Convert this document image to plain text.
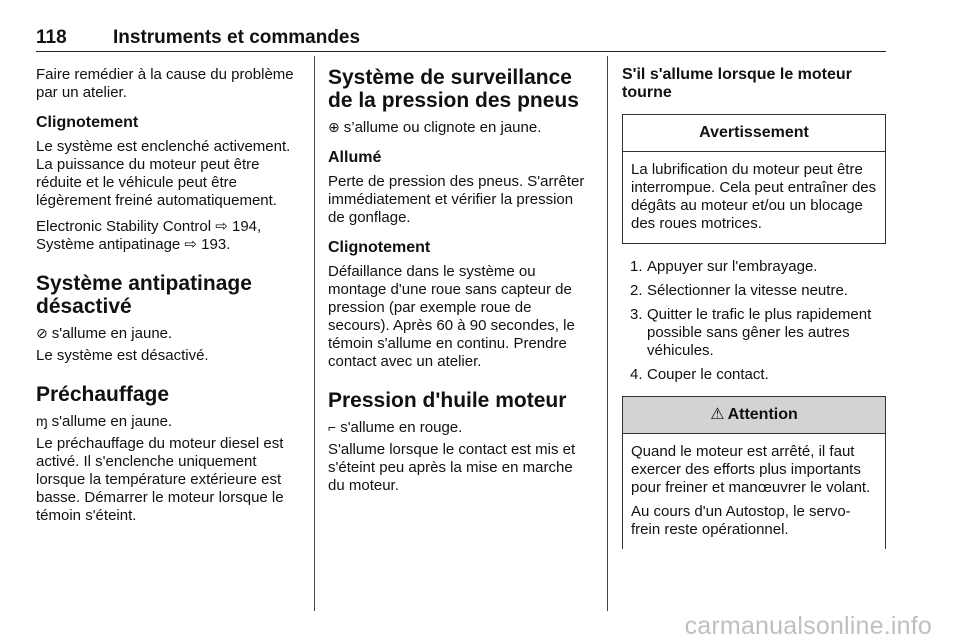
118 Instruments et commandes

Faire remédier à la cause du problème par un atelier.

Clignotement

Le système est enclenché activement. La puissance du moteur peut être réduite et le véhicule peut être légèrement freiné automatiquement.

Electronic Stability Control ⇨ 194, Système antipatinage ⇨ 193.

Système antipatinage désactivé

⊘ s'allume en jaune.

Le système est désactivé.

Préchauffage

ɱ s'allume en jaune.

Le préchauffage du moteur diesel est activé. Il s'enclenche uniquement lorsque la température extérieure est basse. Démarrer le moteur lorsque le témoin s'éteint.

Système de surveillance de la pression des pneus

⊕ s’allume ou clignote en jaune.

Allumé

Perte de pression des pneus. S'arrêter immédiatement et vérifier la pression de gonflage.

Clignotement

Défaillance dans le système ou montage d'une roue sans capteur de pression (par exemple roue de secours). Après 60 à 90 secondes, le témoin s'allume en continu. Prendre contact avec un atelier.

Pression d'huile moteur

⌐ s'allume en rouge.

S'allume lorsque le contact est mis et s'éteint peu après la mise en marche du moteur.

S'il s'allume lorsque le moteur tourne
Avertissement

La lubrification du moteur peut être interrompue. Cela peut entraîner des dégâts au moteur et/ou un blocage des roues motrices.

1. Appuyer sur l'embrayage.
2. Sélectionner la vitesse neutre.
3. Quitter le trafic le plus rapidement possible sans gêner les autres véhicules.
4. Couper le contact.
⚠ Attention

Quand le moteur est arrêté, il faut exercer des efforts plus importants pour freiner et manœuvrer le volant.

Au cours d'un Autostop, le servo-frein reste opérationnel.

carmanualsonline.info
